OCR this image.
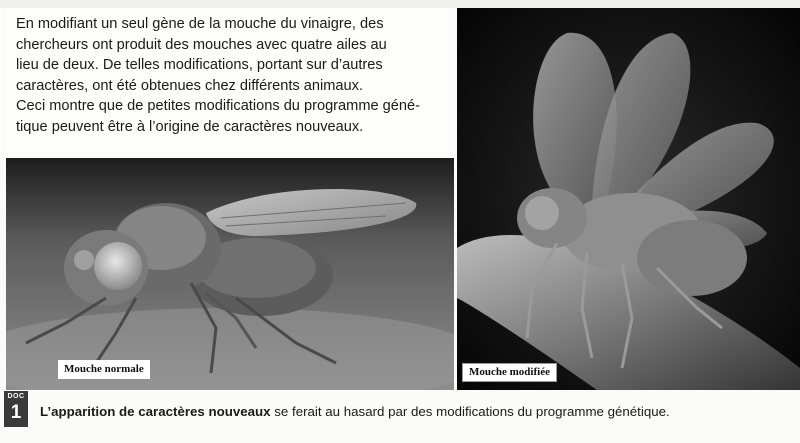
En modifiant un seul gène de la mouche du vinaigre, des
chercheurs ont produit des mouches avec quatre ailes au
lieu de deux. De telles modifications, portant sur d’autres
caractères, ont été obtenues chez différents animaux.
Ceci montre que de petites modifications du programme géné-
tique peuvent être à l’origine de caractères nouveaux.

Mouche normale	Mouche modifiée
DOC
1	L’apparition de caractères nouveaux se ferait au hasard par des modifications du programme génétique.
